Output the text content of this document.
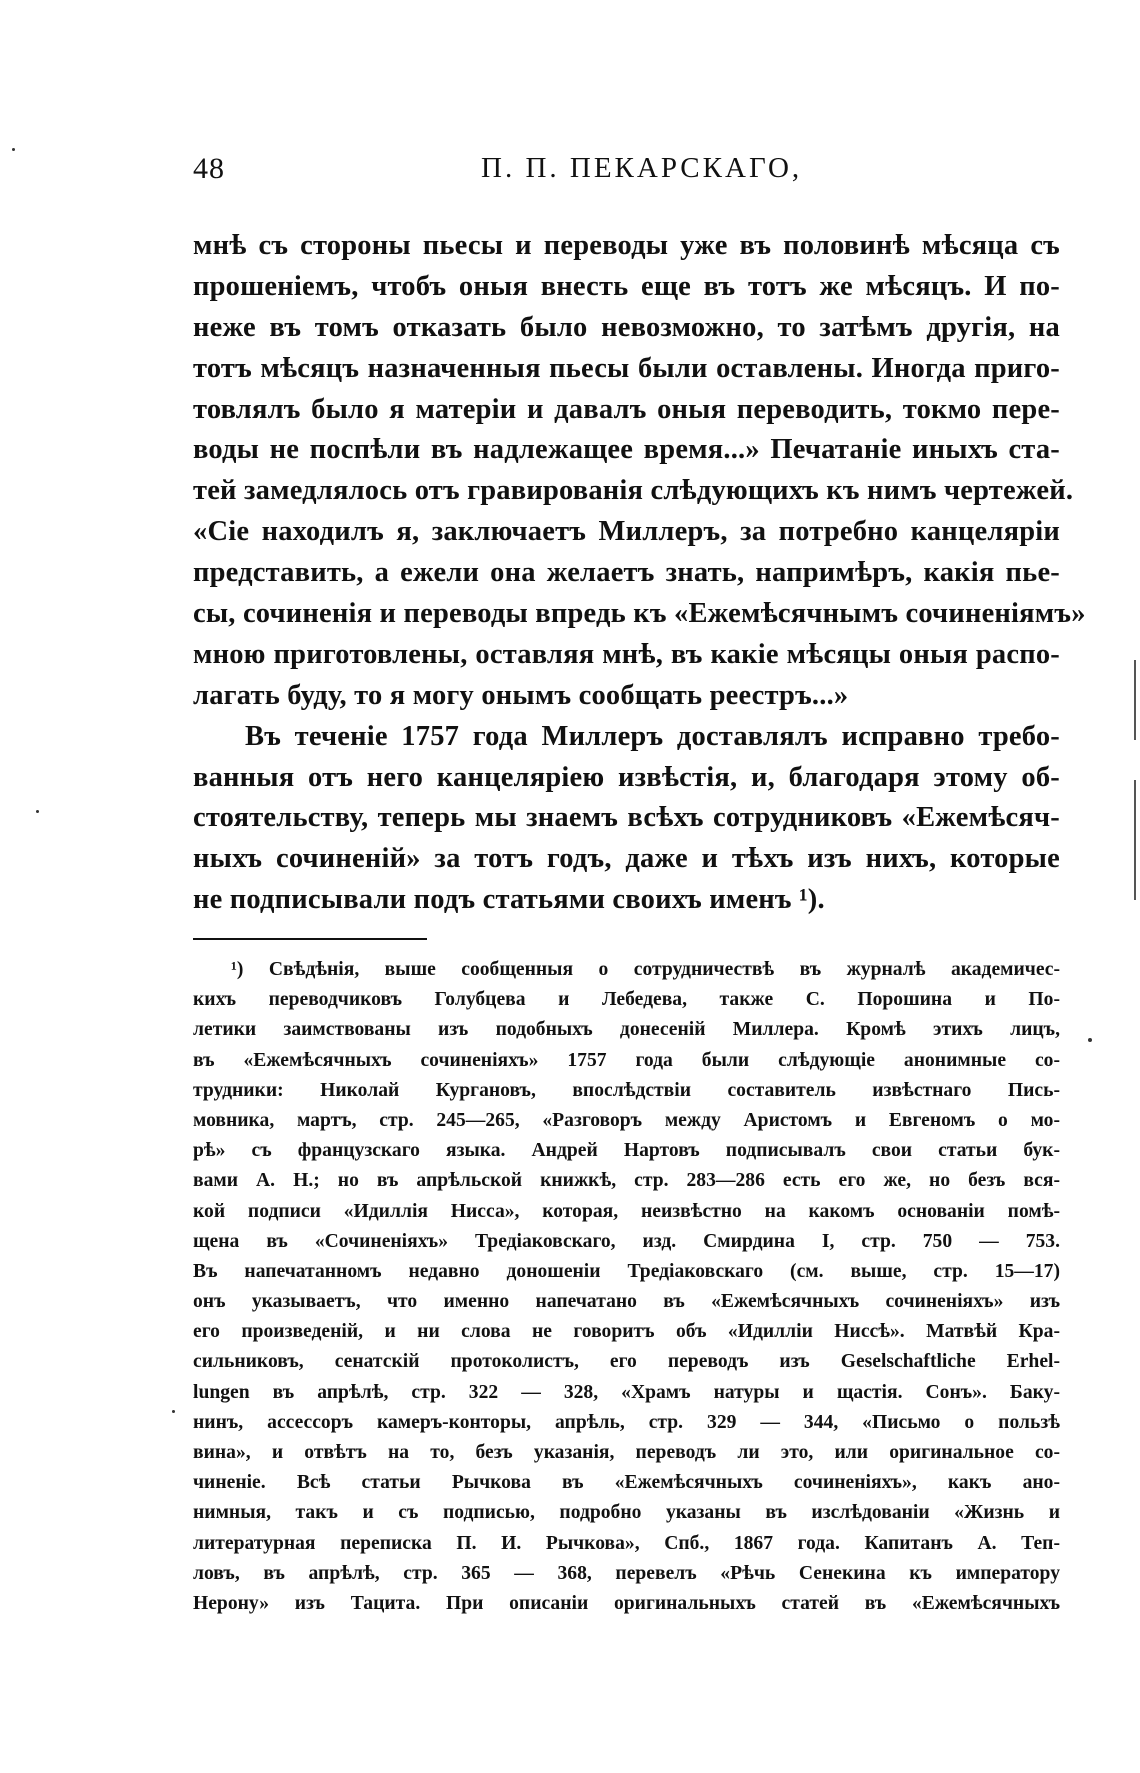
48	П. П. ПЕКАРСКАГО,
мнѣ съ стороны пьесы и переводы уже въ половинѣ мѣсяца съ
прошеніемъ, чтобъ оныя внесть еще въ тотъ же мѣсяцъ. И по-
неже въ томъ отказать было невозможно, то затѣмъ другія, на
тотъ мѣсяцъ назначенныя пьесы были оставлены. Иногда приго-
товлялъ было я матеріи и давалъ оныя переводить, токмо пере-
воды не поспѣли въ надлежащее время...» Печатаніе иныхъ ста-
тей замедлялось отъ гравированія слѣдующихъ къ нимъ чертежей.
«Сіе находилъ я, заключаетъ Миллеръ, за потребно канцеляріи
представить, а ежели она желаетъ знать, напримѣръ, какія пье-
сы, сочиненія и переводы впредь къ «Ежемѣсячнымъ сочиненіямъ»
мною приготовлены, оставляя мнѣ, въ какіе мѣсяцы оныя распо-
лагать буду, то я могу онымъ сообщать реестръ...»
Въ теченіе 1757 года Миллеръ доставлялъ исправно требо-
ванныя отъ него канцеляріею извѣстія, и, благодаря этому об-
стоятельству, теперь мы знаемъ всѣхъ сотрудниковъ «Ежемѣсяч-
ныхъ сочиненій» за тотъ годъ, даже и тѣхъ изъ нихъ, которые
не подписывали подъ статьями своихъ именъ ¹).
¹) Свѣдѣнія, выше сообщенныя о сотрудничествѣ въ журналѣ академичес-
кихъ переводчиковъ Голубцева и Лебедева, также С. Порошина и По-
летики заимствованы изъ подобныхъ донесеній Миллера. Кромѣ этихъ лицъ,
въ «Ежемѣсячныхъ сочиненіяхъ» 1757 года были слѣдующіе анонимные со-
трудники: Николай Кургановъ, впослѣдствіи составитель извѣстнаго Пись-
мовника, мартъ, стр. 245—265, «Разговоръ между Аристомъ и Евгеномъ о мо-
рѣ» съ французскаго языка. Андрей Нартовъ подписывалъ свои статьи бук-
вами А. Н.; но въ апрѣльской книжкѣ, стр. 283—286 есть его же, но безъ вся-
кой подписи «Идиллія Нисса», которая, неизвѣстно на какомъ основаніи помѣ-
щена въ «Сочиненіяхъ» Тредіаковскаго, изд. Смирдина I, стр. 750 — 753.
Въ напечатанномъ недавно доношеніи Тредіаковскаго (см. выше, стр. 15—17)
онъ указываетъ, что именно напечатано въ «Ежемѣсячныхъ сочиненіяхъ» изъ
его произведеній, и ни слова не говоритъ объ «Идилліи Ниссѣ». Матвѣй Кра-
сильниковъ, сенатскій протоколистъ, его переводъ изъ Geselschaftliche Erhel-
lungen въ апрѣлѣ, стр. 322 — 328, «Храмъ натуры и щастія. Сонъ». Баку-
нинъ, ассессоръ камеръ-конторы, апрѣль, стр. 329 — 344, «Письмо о пользѣ
вина», и отвѣтъ на то, безъ указанія, переводъ ли это, или оригинальное со-
чиненіе. Всѣ статьи Рычкова въ «Ежемѣсячныхъ сочиненіяхъ», какъ ано-
нимныя, такъ и съ подписью, подробно указаны въ изслѣдованіи «Жизнь и
литературная переписка П. И. Рычкова», Спб., 1867 года. Капитанъ А. Теп-
ловъ, въ апрѣлѣ, стр. 365 — 368, перевелъ «Рѣчь Сенекина къ императору
Нерону» изъ Тацита. При описаніи оригинальныхъ статей въ «Ежемѣсячныхъ
